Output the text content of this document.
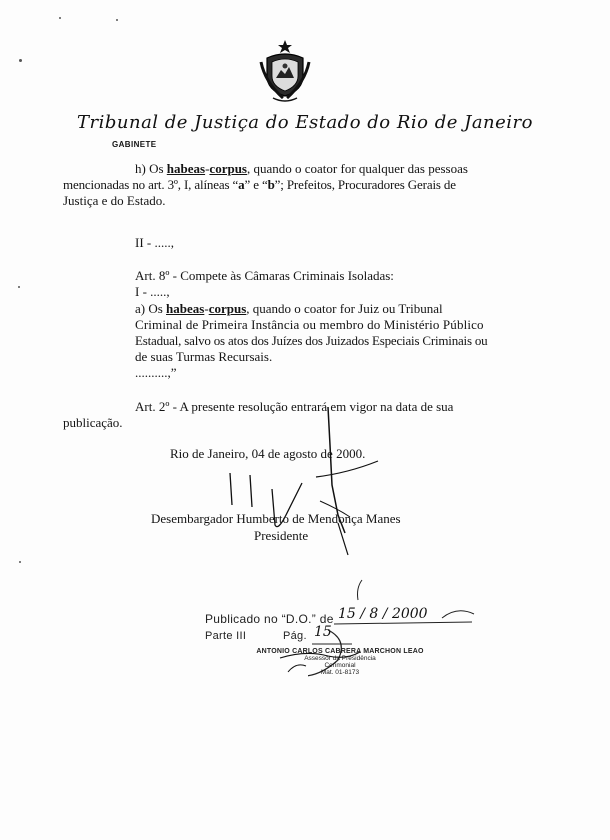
Tribunal de Justiça do Estado do Rio de Janeiro
GABINETE
h) Os habeas-corpus, quando o coator for qualquer das pessoas
mencionadas no art. 3º, I, alíneas “a” e “b”; Prefeitos, Procuradores Gerais de
Justiça e do Estado.
II - .....,
Art. 8º - Compete às Câmaras Criminais Isoladas:
I - .....,
a) Os habeas-corpus, quando o coator for Juiz ou Tribunal
Criminal de Primeira Instância ou membro do Ministério Público
Estadual, salvo os atos dos Juízes dos Juizados Especiais Criminais ou
de suas Turmas Recursais.
..........,”
Art. 2º - A presente resolução entrará em vigor na data de sua
publicação.
Rio de Janeiro, 04 de agosto de 2000.
Desembargador Humberto de Mendonça Manes
Presidente
Publicado no “D.O.” de 15 / 8 / 2000
Parte III	Pág. 15
ANTONIO CARLOS CABRERA MARCHON LEAO
Assessor da Presidência
Cerimonial
Mat. 01-8173
